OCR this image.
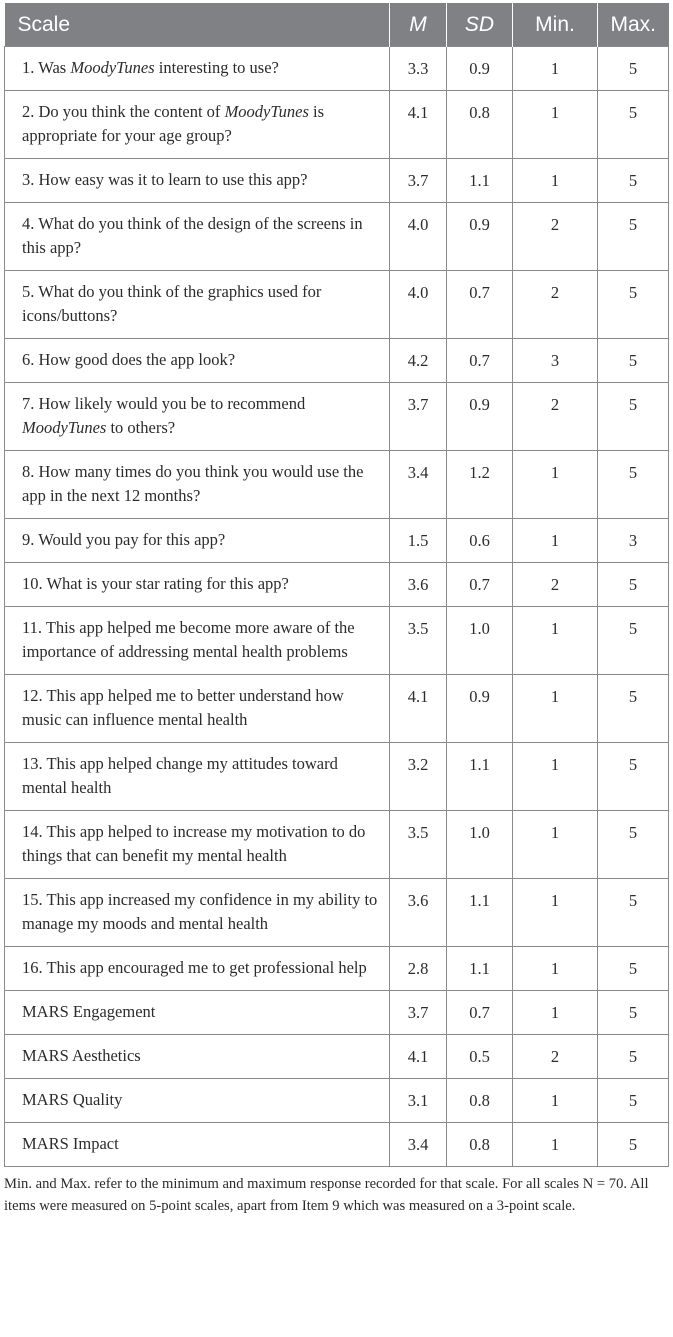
Scale	M	SD	Min.	Max.
1. Was MoodyTunes interesting to use?	3.3	0.9	1	5
2. Do you think the content of MoodyTunes is appropriate for your age group?	4.1	0.8	1	5
3. How easy was it to learn to use this app?	3.7	1.1	1	5
4. What do you think of the design of the screens in this app?	4.0	0.9	2	5
5. What do you think of the graphics used for icons/buttons?	4.0	0.7	2	5
6. How good does the app look?	4.2	0.7	3	5
7. How likely would you be to recommend MoodyTunes to others?	3.7	0.9	2	5
8. How many times do you think you would use the app in the next 12 months?	3.4	1.2	1	5
9. Would you pay for this app?	1.5	0.6	1	3
10. What is your star rating for this app?	3.6	0.7	2	5
11. This app helped me become more aware of the importance of addressing mental health problems	3.5	1.0	1	5
12. This app helped me to better understand how music can influence mental health	4.1	0.9	1	5
13. This app helped change my attitudes toward mental health	3.2	1.1	1	5
14. This app helped to increase my motivation to do things that can benefit my mental health	3.5	1.0	1	5
15. This app increased my confidence in my ability to manage my moods and mental health	3.6	1.1	1	5
16. This app encouraged me to get professional help	2.8	1.1	1	5
MARS Engagement	3.7	0.7	1	5
MARS Aesthetics	4.1	0.5	2	5
MARS Quality	3.1	0.8	1	5
MARS Impact	3.4	0.8	1	5
Min. and Max. refer to the minimum and maximum response recorded for that scale. For all scales N = 70. All items were measured on 5-point scales, apart from Item 9 which was measured on a 3-point scale.
